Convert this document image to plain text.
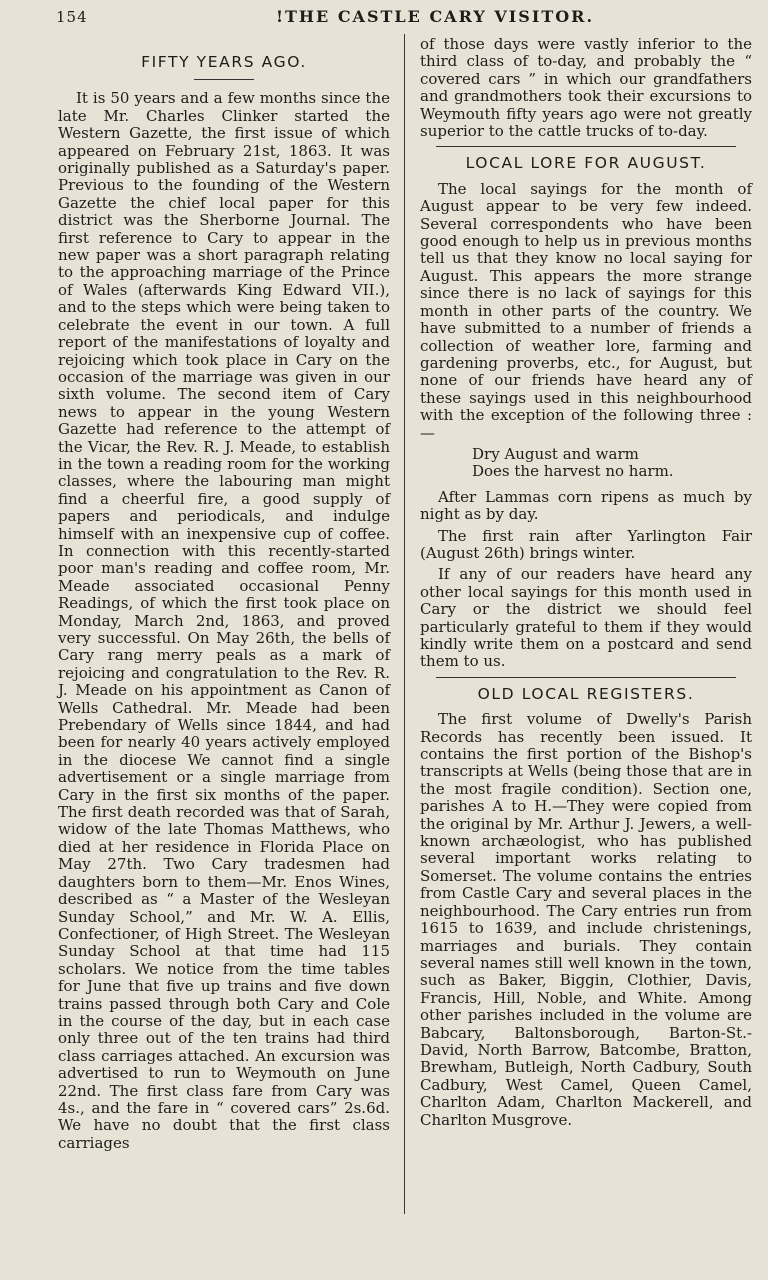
154	!THE CASTLE CARY VISITOR.
FIFTY YEARS AGO.

It is 50 years and a few months since the late Mr. Charles Clinker started the Western Gazette, the first issue of which appeared on February 21st, 1863. It was originally published as a Saturday's paper. Previous to the founding of the Western Gazette the chief local paper for this district was the Sherborne Journal. The first reference to Cary to appear in the new paper was a short paragraph relating to the approaching marriage of the Prince of Wales (afterwards King Edward VII.), and to the steps which were being taken to celebrate the event in our town. A full report of the manifestations of loyalty and rejoicing which took place in Cary on the occasion of the marriage was given in our sixth volume. The second item of Cary news to appear in the young Western Gazette had reference to the attempt of the Vicar, the Rev. R. J. Meade, to establish in the town a reading room for the working classes, where the labouring man might find a cheerful fire, a good supply of papers and periodicals, and indulge himself with an inexpensive cup of coffee. In connection with this recently-started poor man's reading and coffee room, Mr. Meade associated occasional Penny Readings, of which the first took place on Monday, March 2nd, 1863, and proved very successful. On May 26th, the bells of Cary rang merry peals as a mark of rejoicing and congratulation to the Rev. R. J. Meade on his appointment as Canon of Wells Cathedral. Mr. Meade had been Prebendary of Wells since 1844, and had been for nearly 40 years actively employed in the diocese We cannot find a single advertisement or a single marriage from Cary in the first six months of the paper. The first death recorded was that of Sarah, widow of the late Thomas Matthews, who died at her residence in Florida Place on May 27th. Two Cary tradesmen had daughters born to them—Mr. Enos Wines, described as “ a Master of the Wesleyan Sunday School,” and Mr. W. A. Ellis, Confectioner, of High Street. The Wesleyan Sunday School at that time had 115 scholars. We notice from the time tables for June that five up trains and five down trains passed through both Cary and Cole in the course of the day, but in each case only three out of the ten trains had third class carriages attached. An excursion was advertised to run to Weymouth on June 22nd. The first class fare from Cary was 4s., and the fare in “ covered cars” 2s.6d. We have no doubt that the first class carriages

of those days were vastly inferior to the third class of to-day, and probably the “ covered cars ” in which our grandfathers and grandmothers took their excursions to Weymouth fifty years ago were not greatly superior to the cattle trucks of to-day.

LOCAL LORE FOR AUGUST.

The local sayings for the month of August appear to be very few indeed. Several correspondents who have been good enough to help us in previous months tell us that they know no local saying for August. This appears the more strange since there is no lack of sayings for this month in other parts of the country. We have submitted to a number of friends a collection of weather lore, farming and gardening proverbs, etc., for August, but none of our friends have heard any of these sayings used in this neighbourhood with the exception of the following three :—

Dry August and warm

Does the harvest no harm.

After Lammas corn ripens as much by night as by day.

The first rain after Yarlington Fair (August 26th) brings winter.

If any of our readers have heard any other local sayings for this month used in Cary or the district we should feel particularly grateful to them if they would kindly write them on a postcard and send them to us.

OLD LOCAL REGISTERS.

The first volume of Dwelly's Parish Records has recently been issued. It contains the first portion of the Bishop's transcripts at Wells (being those that are in the most fragile condition). Section one, parishes A to H.—They were copied from the original by Mr. Arthur J. Jewers, a well-known archæologist, who has published several important works relating to Somerset. The volume contains the entries from Castle Cary and several places in the neighbourhood. The Cary entries run from 1615 to 1639, and include christenings, marriages and burials. They contain several names still well known in the town, such as Baker, Biggin, Clothier, Davis, Francis, Hill, Noble, and White. Among other parishes included in the volume are Babcary, Baltonsborough, Barton-St.-David, North Barrow, Batcombe, Bratton, Brewham, Butleigh, North Cadbury, South Cadbury, West Camel, Queen Camel, Charlton Adam, Charlton Mackerell, and Charlton Musgrove.
